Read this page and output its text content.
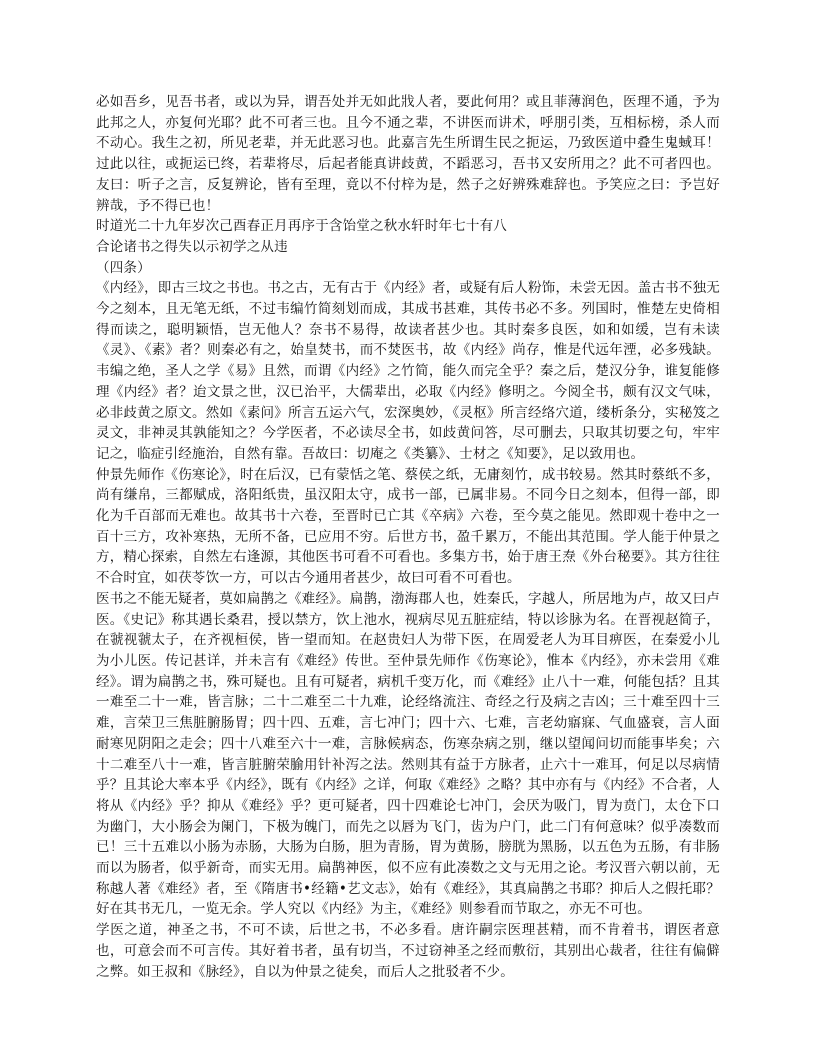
必如吾乡，见吾书者，或以为异，谓吾处并无如此戕人者，要此何用？或且菲薄润色，医理不通，予为此邦之人，亦复何光耶？此不可者三也。且今不通之辈，不讲医而讲术，呼朋引类，互相标榜，杀人而不动心。我生之初，所见老辈，并无此恶习也。此嘉言先生所谓生民之扼运，乃致医道中叠生鬼蜮耳！过此以往，或扼运已终，若辈将尽，后起者能真讲歧黄，不蹈恶习，吾书又安所用之？此不可者四也。友曰：听子之言，反复辨论，皆有至理，竟以不付梓为是，然子之好辨殊难辞也。予笑应之曰：予岂好辨哉，予不得已也！

时道光二十九年岁次己酉春正月再序于含饴堂之秋水轩时年七十有八

合论诸书之得失以示初学之从违

（四条）

《内经》，即古三坟之书也。书之古，无有古于《内经》者，或疑有后人粉饰，未尝无因。盖古书不独无今之刻本，且无笔无纸，不过韦编竹简刻划而成，其成书甚难，其传书必不多。列国时，惟楚左史倚相得而读之，聪明颖悟，岂无他人？奈书不易得，故读者甚少也。其时秦多良医，如和如缓，岂有未读《灵》、《素》者？则秦必有之，始皇焚书，而不焚医书，故《内经》尚存，惟是代远年湮，必多残缺。韦编之绝，圣人之学《易》且然，而谓《内经》之竹简，能久而完全乎？秦之后，楚汉分争，谁复能修理《内经》者？迨文景之世，汉已治平，大儒辈出，必取《内经》修明之。今阅全书，颇有汉文气味，必非歧黄之原文。然如《素问》所言五运六气，宏深奥妙，《灵枢》所言经络穴道，缕析条分，实秘笈之灵文，非神灵其孰能知之？今学医者，不必读尽全书，如歧黄问答，尽可删去，只取其切要之句，牢牢记之，临症引经施治，自然有靠。吾故曰：切庵之《类纂》、士材之《知要》，足以致用也。

仲景先师作《伤寒论》，时在后汉，已有蒙恬之笔、蔡侯之纸，无庸刻竹，成书较易。然其时蔡纸不多，尚有缣帛，三都赋成，洛阳纸贵，虽汉阳太守，成书一部，已属非易。不同今日之刻本，但得一部，即化为千百部而无难也。故其书十六卷，至晋时已亡其《卒病》六卷，至今莫之能见。然即观十卷中之一百十三方，攻补寒热，无所不备，已应用不穷。后世方书，盈千累万，不能出其范围。学人能于仲景之方，精心探索，自然左右逢源，其他医书可看不可看也。多集方书，始于唐王焘《外台秘要》。其方往往不合时宜，如茯苓饮一方，可以古今通用者甚少，故曰可看不可看也。

医书之不能无疑者，莫如扁鹊之《难经》。扁鹊，渤海郡人也，姓秦氏，字越人，所居地为卢，故又曰卢医。《史记》称其遇长桑君，授以禁方，饮上池水，视病尽见五脏症结，特以诊脉为名。在晋视赵简子，在虢视虢太子，在齐视桓侯，皆一望而知。在赵贵妇人为带下医，在周爱老人为耳目痹医，在秦爱小儿为小儿医。传记甚详，并未言有《难经》传世。至仲景先师作《伤寒论》，惟本《内经》，亦未尝用《难经》。谓为扁鹊之书，殊可疑也。且有可疑者，病机千变万化，而《难经》止八十一难，何能包括？且其一难至二十一难，皆言脉；二十二难至二十九难，论经络流注、奇经之行及病之吉凶；三十难至四十三难，言荣卫三焦脏腑肠胃；四十四、五难，言七冲门；四十六、七难，言老幼寤寐、气血盛衰，言人面耐寒见阴阳之走会；四十八难至六十一难，言脉候病态，伤寒杂病之别，继以望闻问切而能事毕矣；六十二难至八十一难，皆言脏腑荣腧用针补泻之法。然则其有益于方脉者，止六十一难耳，何足以尽病情乎？且其论大率本乎《内经》，既有《内经》之详，何取《难经》之略？其中亦有与《内经》不合者，人将从《内经》乎？抑从《难经》乎？更可疑者，四十四难论七冲门，会厌为吸门，胃为贲门，太仓下口为幽门，大小肠会为阑门，下极为魄门，而先之以唇为飞门，齿为户门，此二门有何意味？似乎凑数而已！三十五难以小肠为赤肠，大肠为白肠，胆为青肠，胃为黄肠，膀胱为黑肠，以五色为五肠，有非肠而以为肠者，似乎新奇，而实无用。扁鹊神医，似不应有此凑数之文与无用之论。考汉晋六朝以前，无称越人著《难经》者，至《隋唐书•经籍•艺文志》，始有《难经》，其真扁鹊之书耶？抑后人之假托耶？好在其书无几，一览无余。学人究以《内经》为主，《难经》则参看而节取之，亦无不可也。

学医之道，神圣之书，不可不读，后世之书，不必多看。唐许嗣宗医理甚精，而不肯着书，谓医者意也，可意会而不可言传。其好着书者，虽有切当，不过窃神圣之经而敷衍，其别出心裁者，往往有偏僻之弊。如王叔和《脉经》，自以为仲景之徒矣，而后人之批驳者不少。
